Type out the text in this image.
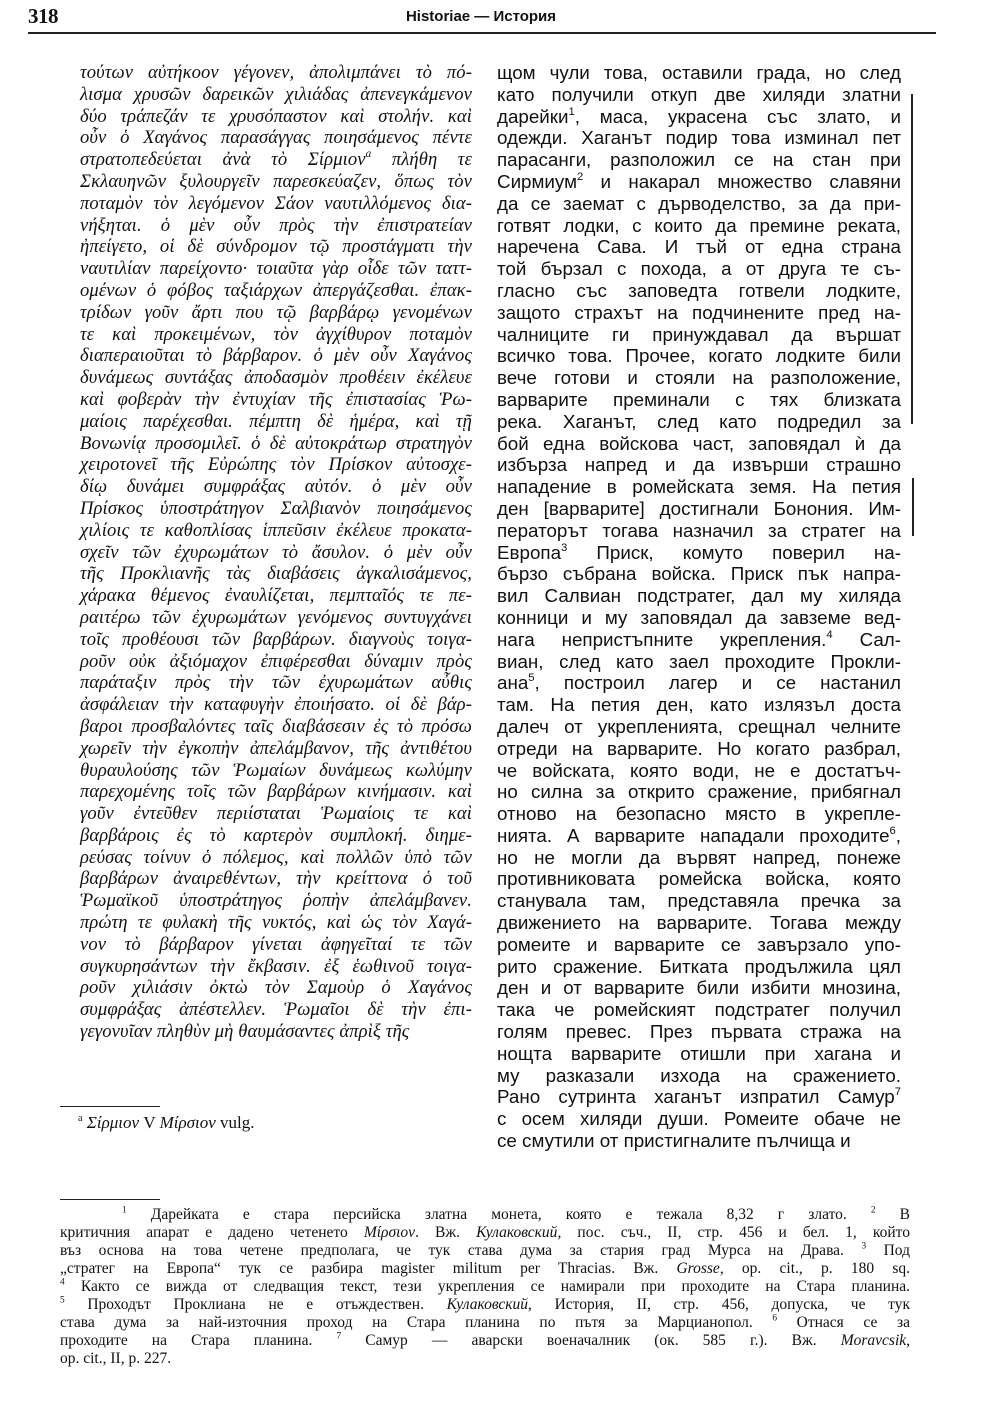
318	Historiae — История
τούτων αὐτήκοον γέγονεν, ἀπολιμπάνει τὸ πό-
λισμα χρυσῶν δαρεικῶν χιλιάδας ἀπενεγκάμενον
δύο τράπεζάν τε χρυσόπαστον καὶ στολήν. καὶ
οὖν ὁ Χαγάνος παρασάγγας ποιησάμενος πέντε
στρατοπεδεύεται ἀνὰ τὸ Σίρμιον$^a$ πλήθη τε
Σκλαυηνῶν ξυλουργεῖν παρεσκεύαζεν, ὅπως τὸν
ποταμὸν τὸν λεγόμενον Σάον ναυτιλλόμενος δια-
νήξηται. ὁ μὲν οὖν πρὸς τὴν ἐπιστρατείαν
ἠπείγετο, οἱ δὲ σύνδρομον τῷ προστάγματι τὴν
ναυτιλίαν παρείχοντο· τοιαῦτα γὰρ οἶδε τῶν ταττ-
ομένων ὁ φόβος ταξιάρχων ἀπεργάζεσθαι. ἐπακ-
τρίδων γοῦν ἄρτι που τῷ βαρβάρῳ γενομένων
τε καὶ προκειμένων, τὸν ἀγχίθυρον ποταμὸν
διαπεραιοῦται τὸ βάρβαρον. ὁ μὲν οὖν Χαγάνος
δυνάμεως συντάξας ἀποδασμὸν προθέειν ἐκέλευε
καὶ φοβερὰν τὴν ἐντυχίαν τῆς ἐπιστασίας Ῥω-
μαίοις παρέχεσθαι. πέμπτη δὲ ἡμέρα, καὶ τῇ
Βονωνίᾳ προσομιλεῖ. ὁ δὲ αὐτοκράτωρ στρατηγὸν
χειροτονεῖ τῆς Εὐρώπης τὸν Πρίσκον αὐτοσχε-
δίῳ δυνάμει συμφράξας αὐτόν. ὁ μὲν οὖν
Πρίσκος ὑποστράτηγον Σαλβιανὸν ποιησάμενος
χιλίοις τε καθοπλίσας ἱππεῦσιν ἐκέλευε προκατα-
σχεῖν τῶν ἐχυρωμάτων τὸ ἄσυλον. ὁ μὲν οὖν
τῆς Προκλιανῆς τὰς διαβάσεις ἀγκαλισάμενος,
χάρακα θέμενος ἐναυλίζεται, πεμπταῖός τε πε-
ραιτέρω τῶν ἐχυρωμάτων γενόμενος συντυγχάνει
τοῖς προθέουσι τῶν βαρβάρων. διαγνοὺς τοιγα-
ροῦν οὐκ ἀξιόμαχον ἐπιφέρεσθαι δύναμιν πρὸς
παράταξιν πρὸς τὴν τῶν ἐχυρωμάτων αὖθις
ἀσφάλειαν τὴν καταφυγὴν ἐποιήσατο. οἱ δὲ βάρ-
βαροι προσβαλόντες ταῖς διαβάσεσιν ἐς τὸ πρόσω
χωρεῖν τὴν ἐγκοπὴν ἀπελάμβανον, τῆς ἀντιθέτου
θυραυλούσης τῶν Ῥωμαίων δυνάμεως κωλύμην
παρεχομένης τοῖς τῶν βαρβάρων κινήμασιν. καὶ
γοῦν ἐντεῦθεν περιίσταται Ῥωμαίοις τε καὶ
βαρβάροις ἐς τὸ καρτερὸν συμπλοκή. διημε-
ρεύσας τοίνυν ὁ πόλεμος, καὶ πολλῶν ὑπὸ τῶν
βαρβάρων ἀναιρεθέντων, τὴν κρείττονα ὁ τοῦ
Ῥωμαϊκοῦ ὑποστράτηγος ῥοπὴν ἀπελάμβανεν.
πρώτη τε φυλακὴ τῆς νυκτός, καὶ ὡς τὸν Χαγά-
νον τὸ βάρβαρον γίνεται ἀφηγεῖταί τε τῶν
συγκυρησάντων τὴν ἔκβασιν. ἐξ ἑωθινοῦ τοιγα-
ροῦν χιλιάσιν ὀκτὼ τὸν Σαμοὺρ ὁ Χαγάνος
συμφράξας ἀπέστελλεν. Ῥωμαῖοι δὲ τὴν ἐπι-
γεγονυῖαν πληθὺν μὴ θαυμάσαντες ἀπρὶξ τῆς
щом чули това, оставили града, но след
като получили откуп две хиляди златни
дарейки$^1$, маса, украсена със злато, и
одежди. Хаганът подир това изминал пет
парасанги, разположил се на стан при
Сирмиум$^2$ и накарал множество славяни
да се заемат с дърводелство, за да при-
готвят лодки, с които да премине реката,
наречена Сава. И тъй от една страна
той бързал с похода, а от друга те съ-
гласно със заповедта готвели лодките,
защото страхът на подчинените пред на-
чалниците ги принуждавал да вършат
всичко това. Прочее, когато лодките били
вече готови и стояли на разположение,
варварите преминали с тях близката
река. Хаганът, след като подредил за
бой една войскова част, заповядал ѝ да
избърза напред и да извърши страшно
нападение в ромейската земя. На петия
ден [варварите] достигнали Бонония. Им-
ператорът тогава назначил за стратег на
Европа$^3$ Приск, комуто поверил на-
бързо събрана войска. Приск пък напра-
вил Салвиан подстратег, дал му хиляда
конници и му заповядал да завземе вед-
нага непристъпните укрепления.$^4$ Сал-
виан, след като заел проходите Прокли-
ана$^5$, построил лагер и се настанил
там. На петия ден, като излязъл доста
далеч от укрепленията, срещнал челните
отреди на варварите. Но когато разбрал,
че войската, която води, не е достатъч-
но силна за открито сражение, прибягнал
отново на безопасно място в укрепле-
нията. А варварите нападали проходите$^6$,
но не могли да вървят напред, понеже
противниковата ромейска войска, която
станувала там, представяла пречка за
движението на варварите. Тогава между
ромеите и варварите се завързало упо-
рито сражение. Битката продължила цял
ден и от варварите били избити мнозина,
така че ромейският подстратег получил
голям превес. През първата стража на
нощта варварите отишли при хагана и
му разказали изхода на сражението.
Рано сутринта хаганът изпратил Самур$^7$
с осем хиляди души. Ромеите обаче не
се смутили от пристигналите пълчища и
$^a$ Σίρμιον V Μίρσιον vulg.
$^1$ Дарейката е стара персийска златна монета, която е тежала 8,32 г злато. $^2$ В
критичния апарат е дадено четенето Μίρσιον. Вж. Кулаковский, пос. съч., II, стр. 456 и бел. 1, който
въз основа на това четене предполага, че тук става дума за стария град Мурса на Драва. $^3$ Под
„стратег на Европа“ тук се разбира magister militum per Thracias. Вж. Grosse, op. cit., p. 180 sq.
$^4$ Както се вижда от следващия текст, тези укрепления се намирали при проходите на Стара планина.
$^5$ Проходът Проклиана не е отъждествен. Кулаковский, История, II, стр. 456, допуска, че тук
става дума за най-източния проход на Стара планина по пътя за Марцианопол. $^6$ Отнася се за
проходите на Стара планина. $^7$ Самур — аварски военачалник (ок. 585 г.). Вж. Moravcsik,
op. cit., II, p. 227.
